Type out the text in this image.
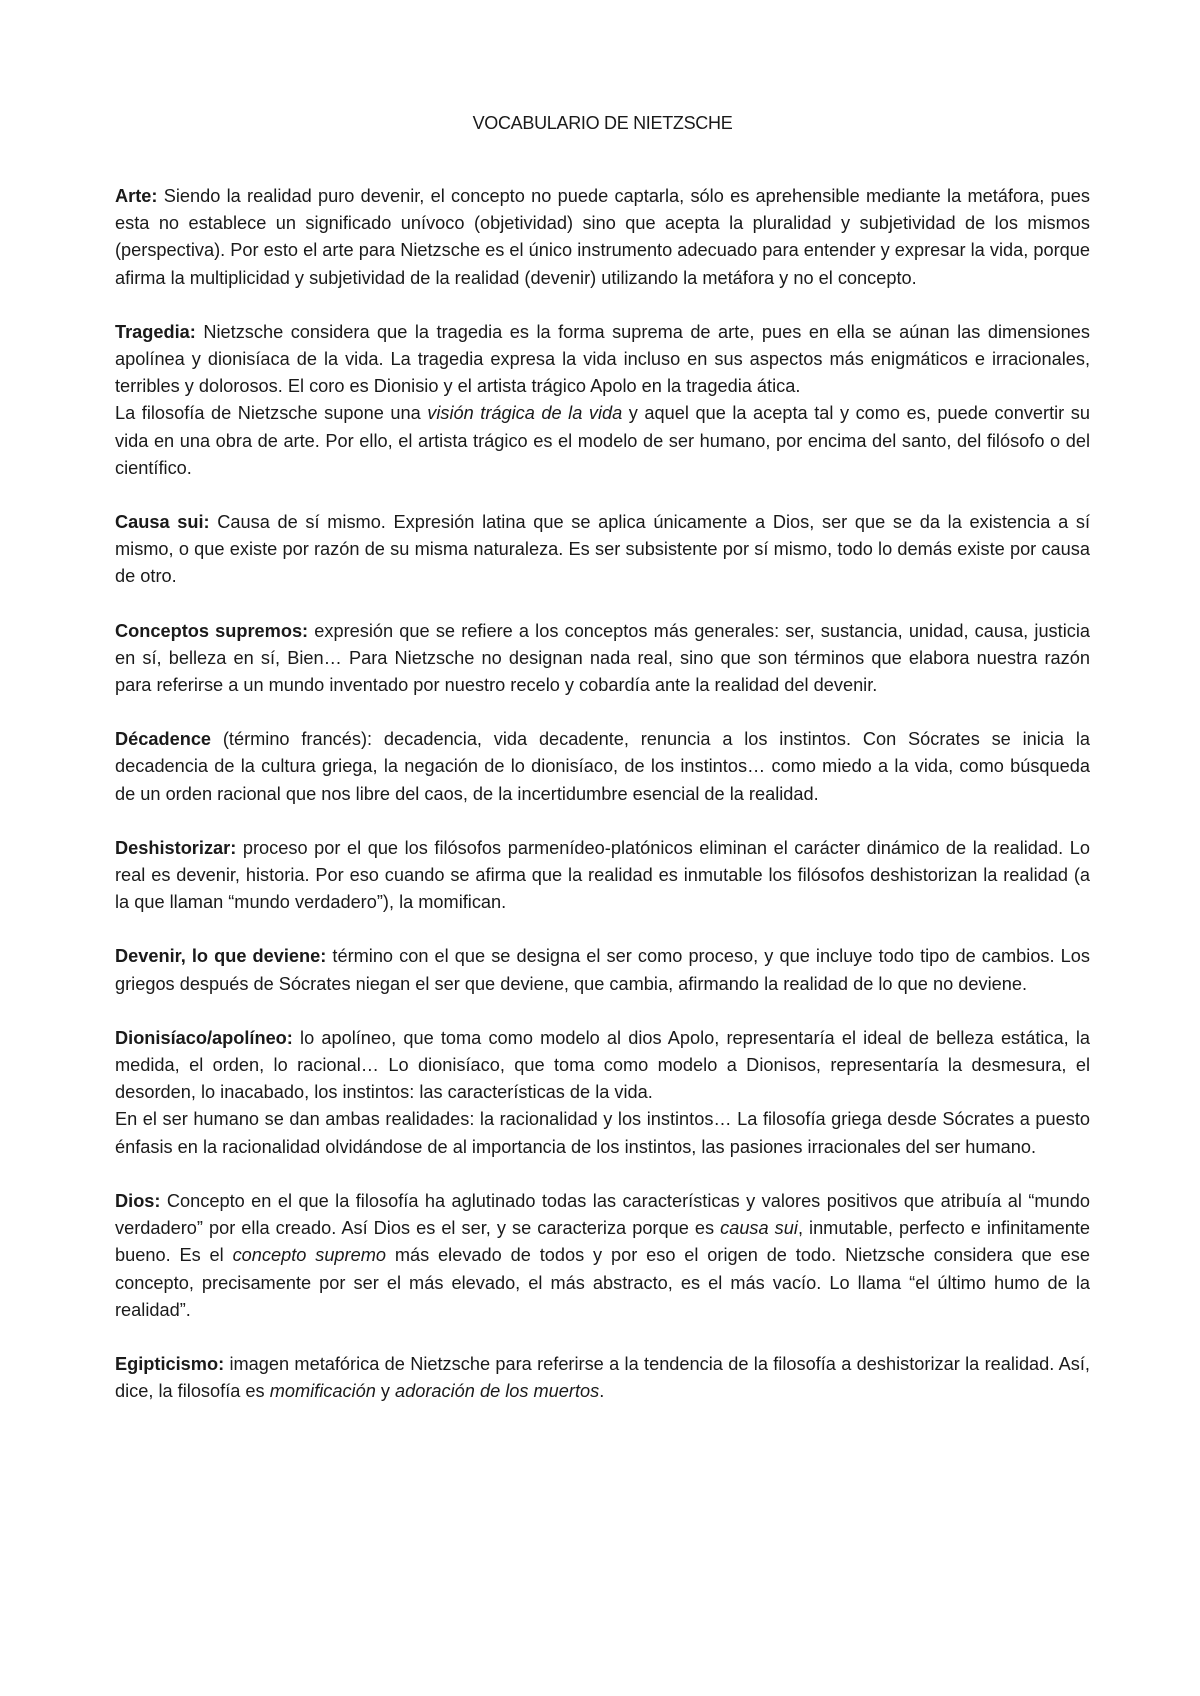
VOCABULARIO DE NIETZSCHE

Arte: Siendo la realidad puro devenir, el concepto no puede captarla, sólo es aprehensible mediante la metáfora, pues esta no establece un significado unívoco (objetividad) sino que acepta la pluralidad y subjetividad de los mismos (perspectiva). Por esto el arte para Nietzsche es el único instrumento adecuado para entender y expresar la vida, porque afirma la multiplicidad y subjetividad de la realidad (devenir) utilizando la metáfora y no el concepto.

Tragedia: Nietzsche considera que la tragedia es la forma suprema de arte, pues en ella se aúnan las dimensiones apolínea y dionisíaca de la vida. La tragedia expresa la vida incluso en sus aspectos más enigmáticos e irracionales, terribles y dolorosos. El coro es Dionisio y el artista trágico Apolo en la tragedia ática.

La filosofía de Nietzsche supone una visión trágica de la vida y aquel que la acepta tal y como es, puede convertir su vida en una obra de arte. Por ello, el artista trágico es el modelo de ser humano, por encima del santo, del filósofo o del científico.

Causa sui: Causa de sí mismo. Expresión latina que se aplica únicamente a Dios, ser que se da la existencia a sí mismo, o que existe por razón de su misma naturaleza. Es ser subsistente por sí mismo, todo lo demás existe por causa de otro.

Conceptos supremos: expresión que se refiere a los conceptos más generales: ser, sustancia, unidad, causa, justicia en sí, belleza en sí, Bien… Para Nietzsche no designan nada real, sino que son términos que elabora nuestra razón para referirse a un mundo inventado por nuestro recelo y cobardía ante la realidad del devenir.

Décadence (término francés): decadencia, vida decadente, renuncia a los instintos. Con Sócrates se inicia la decadencia de la cultura griega, la negación de lo dionisíaco, de los instintos… como miedo a la vida, como búsqueda de un orden racional que nos libre del caos, de la incertidumbre esencial de la realidad.

Deshistorizar: proceso por el que los filósofos parmenídeo-platónicos eliminan el carácter dinámico de la realidad. Lo real es devenir, historia. Por eso cuando se afirma que la realidad es inmutable los filósofos deshistorizan la realidad (a la que llaman “mundo verdadero”), la momifican.

Devenir, lo que deviene: término con el que se designa el ser como proceso, y que incluye todo tipo de cambios. Los griegos después de Sócrates niegan el ser que deviene, que cambia, afirmando la realidad de lo que no deviene.

Dionisíaco/apolíneo: lo apolíneo, que toma como modelo al dios Apolo, representaría el ideal de belleza estática, la medida, el orden, lo racional… Lo dionisíaco, que toma como modelo a Dionisos, representaría la desmesura, el desorden, lo inacabado, los instintos: las características de la vida.

En el ser humano se dan ambas realidades: la racionalidad y los instintos… La filosofía griega desde Sócrates a puesto énfasis en la racionalidad olvidándose de al importancia de los instintos, las pasiones irracionales del ser humano.

Dios: Concepto en el que la filosofía ha aglutinado todas las características y valores positivos que atribuía al “mundo verdadero” por ella creado. Así Dios es el ser, y se caracteriza porque es causa sui, inmutable, perfecto e infinitamente bueno. Es el concepto supremo más elevado de todos y por eso el origen de todo. Nietzsche considera que ese concepto, precisamente por ser el más elevado, el más abstracto, es el más vacío. Lo llama “el último humo de la realidad”.

Egipticismo: imagen metafórica de Nietzsche para referirse a la tendencia de la filosofía a deshistorizar la realidad. Así, dice, la filosofía es momificación y adoración de los muertos.
